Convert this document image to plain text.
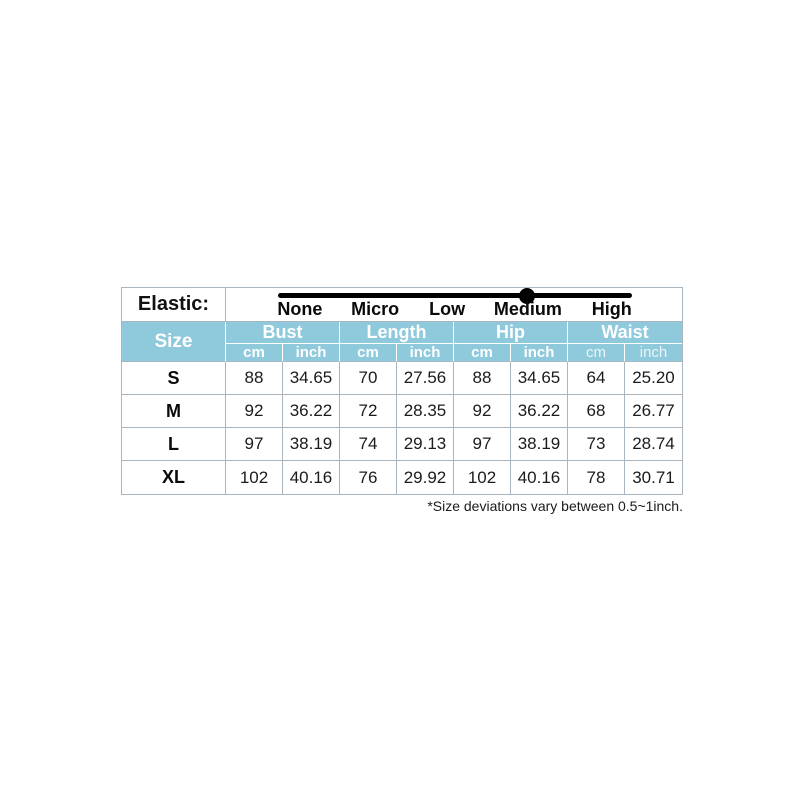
Elastic:	None Micro Low Medium High							

Size	Bust		Length		Hip		Waist	
	cm	inch	cm	inch	cm	inch	cm	inch
S	88	34.65	70	27.56	88	34.65	64	25.20
M	92	36.22	72	28.35	92	36.22	68	26.77
L	97	38.19	74	29.13	97	38.19	73	28.74
XL	102	40.16	76	29.92	102	40.16	78	30.71
*Size deviations vary between 0.5~1inch.
